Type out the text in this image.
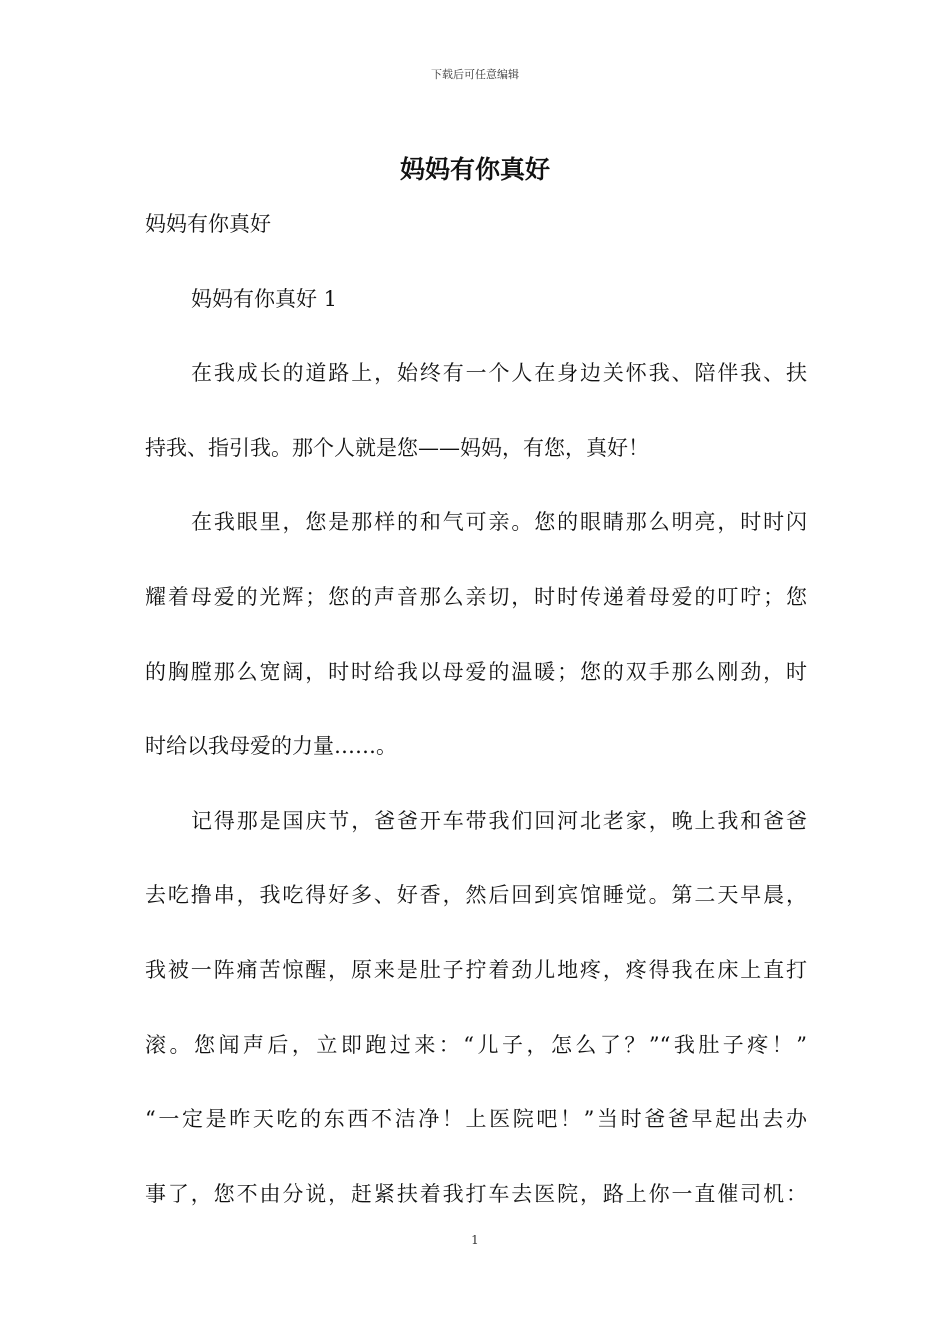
下载后可任意编辑
妈妈有你真好
妈妈有你真好
妈妈有你真好 1
在我成长的道路上，始终有一个人在身边关怀我、陪伴我、扶
持我、指引我。那个人就是您——妈妈，有您，真好！
在我眼里，您是那样的和气可亲。您的眼睛那么明亮，时时闪
耀着母爱的光辉；您的声音那么亲切，时时传递着母爱的叮咛；您
的胸膛那么宽阔，时时给我以母爱的温暖；您的双手那么刚劲，时
时给以我母爱的力量……。
记得那是国庆节，爸爸开车带我们回河北老家，晚上我和爸爸
去吃撸串，我吃得好多、好香，然后回到宾馆睡觉。第二天早晨，
我被一阵痛苦惊醒，原来是肚子拧着劲儿地疼，疼得我在床上直打
滚。您闻声后，立即跑过来：“儿子，怎么了？”“我肚子疼！”
“一定是昨天吃的东西不洁净！上医院吧！”当时爸爸早起出去办
事了，您不由分说，赶紧扶着我打车去医院，路上你一直催司机：
1
